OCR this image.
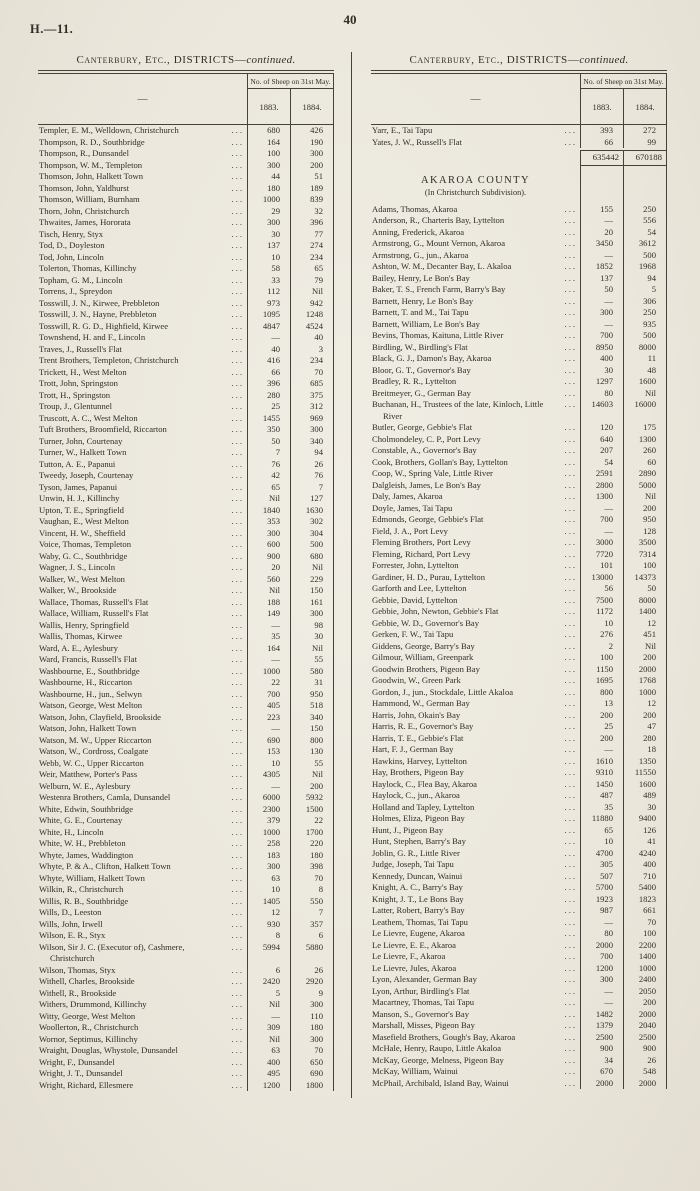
H.—11.
40
Canterbury, Etc., DISTRICTS—continued.
—
No. of Sheep on 31st May.
1883.	1884.
Templer, E. M., Welldown, Christchurch	...	680	426
Thompson, R. D., Southbridge	...	164	190
Thompson, R., Dunsandel	...	100	300
Thompson, W. M., Templeton	...	300	200
Thomson, John, Halkett Town	...	44	51
Thomson, John, Yaldhurst	...	180	189
Thomson, William, Burnham	...	1000	839
Thorn, John, Christchurch	...	29	32
Thwaites, James, Hororata	...	300	396
Tisch, Henry, Styx	...	30	77
Tod, D., Doyleston	...	137	274
Tod, John, Lincoln	...	10	234
Tolerton, Thomas, Killinchy	...	58	65
Topham, G. M., Lincoln	...	33	79
Torrens, J., Spreydon	...	112	Nil
Tosswill, J. N., Kirwee, Prebbleton	...	973	942
Tosswill, J. N., Hayne, Prebbleton	...	1095	1248
Tosswill, R. G. D., Highfield, Kirwee	...	4847	4524
Townshend, H. and F., Lincoln	...	—	40
Traves, J., Russell's Flat	...	40	3
Trent Brothers, Templeton, Christchurch	...	416	234
Trickett, H., West Melton	...	66	70
Trott, John, Springston	...	396	685
Trott, H., Springston	...	280	375
Troup, J., Glentunnel	...	25	312
Truscott, A. C., West Melton	...	1455	969
Tuft Brothers, Broomfield, Riccarton	...	350	300
Turner, John, Courtenay	...	50	340
Turner, W., Halkett Town	...	7	94
Tutton, A. E., Papanui	...	76	26
Tweedy, Joseph, Courtenay	...	42	76
Tyson, James, Papanui	...	65	7
Unwin, H. J., Killinchy	...	Nil	127
Upton, T. E., Springfield	...	1840	1630
Vaughan, E., West Melton	...	353	302
Vincent, H. W., Sheffield	...	300	304
Voice, Thomas, Templeton	...	600	500
Waby, G. C., Southbridge	...	900	680
Wagner, J. S., Lincoln	...	20	Nil
Walker, W., West Melton	...	560	229
Walker, W., Brookside	...	Nil	150
Wallace, Thomas, Russell's Flat	...	188	161
Wallace, William, Russell's Flat	...	149	300
Wallis, Henry, Springfield	...	—	98
Wallis, Thomas, Kirwee	...	35	30
Ward, A. E., Aylesbury	...	164	Nil
Ward, Francis, Russell's Flat	...	—	55
Washbourne, E., Southbridge	...	1000	580
Washbourne, H., Riccarton	...	22	31
Washbourne, H., jun., Selwyn	...	700	950
Watson, George, West Melton	...	405	518
Watson, John, Clayfield, Brookside	...	223	340
Watson, John, Halkett Town	...	—	150
Watson, M. W., Upper Riccarton	...	690	800
Watson, W., Cordross, Coalgate	...	153	130
Webb, W. C., Upper Riccarton	...	10	55
Weir, Matthew, Porter's Pass	...	4305	Nil
Welburn, W. E., Aylesbury	...	—	200
Westenra Brothers, Camla, Dunsandel	...	6000	5932
White, Edwin, Southbridge	...	2300	1500
White, G. E., Courtenay	...	379	22
White, H., Lincoln	...	1000	1700
White, W. H., Prebbleton	...	258	220
Whyte, James, Waddington	...	183	180
Whyte, P. & A., Clifton, Halkett Town	...	300	398
Whyte, William, Halkett Town	...	63	70
Wilkin, R., Christchurch	...	10	8
Willis, R. B., Southbridge	...	1405	550
Wills, D., Leeston	...	12	7
Wills, John, Irwell	...	930	357
Wilson, E. R., Styx	...	8	6
Wilson, Sir J. C. (Executor of), Cashmere, Christchurch
...	5994	5880
Wilson, Thomas, Styx	...	6	26
Withell, Charles, Brookside	...	2420	2920
Withell, R., Brookside	...	5	9
Withers, Drummond, Killinchy	...	Nil	300
Witty, George, West Melton	...	—	110
Woollerton, R., Christchurch	...	309	180
Wornor, Septimus, Killinchy	...	Nil	300
Wraight, Douglas, Whystole, Dunsandel	...	63	70
Wright, F., Dunsandel	...	400	650
Wright, J. T., Dunsandel	...	495	690
Wright, Richard, Ellesmere	...	1200	1800
Canterbury, Etc., DISTRICTS—continued.
—
No. of Sheep on 31st May.
1883.	1884.
Yarr, E., Tai Tapu	...	393	272
Yates, J. W., Russell's Flat	...	66	99
635442	670188
AKAROA COUNTY
(In Christchurch Subdivision).
Adams, Thomas, Akaroa	...	155	250
Anderson, R., Charteris Bay, Lyttelton	...	—	556
Anning, Frederick, Akaroa	...	20	54
Armstrong, G., Mount Vernon, Akaroa	...	3450	3612
Armstrong, G., jun., Akaroa	...	—	500
Ashton, W. M., Decanter Bay, L. Akaloa	...	1852	1968
Bailey, Henry, Le Bon's Bay	...	137	94
Baker, T. S., French Farm, Barry's Bay	...	50	5
Barnett, Henry, Le Bon's Bay	...	—	306
Barnett, T. and M., Tai Tapu	...	300	250
Barnett, William, Le Bon's Bay	...	—	935
Bevins, Thomas, Kaituna, Little River	...	700	500
Birdling, W., Birdling's Flat	...	8950	8000
Black, G. J., Damon's Bay, Akaroa	...	400	11
Bloor, G. T., Governor's Bay	...	30	48
Bradley, R. R., Lyttelton	...	1297	1600
Breitmeyer, G., German Bay	...	80	Nil
Buchanan, H., Trustees of the late, Kinloch, Little River
...	14603	16000
Butler, George, Gebbie's Flat	...	120	175
Cholmondeley, C. P., Port Levy	...	640	1300
Constable, A., Governor's Bay	...	207	260
Cook, Brothers, Gollan's Bay, Lyttelton	...	54	60
Coop, W., Spring Vale, Little River	...	2591	2890
Dalgleish, James, Le Bon's Bay	...	2800	5000
Daly, James, Akaroa	...	1300	Nil
Doyle, James, Tai Tapu	...	—	200
Edmonds, George, Gebbie's Flat	...	700	950
Field, J. A., Port Levy	...	—	128
Fleming Brothers, Port Levy	...	3000	3500
Fleming, Richard, Port Levy	...	7720	7314
Forrester, John, Lyttelton	...	101	100
Gardiner, H. D., Purau, Lyttelton	...	13000	14373
Garforth and Lee, Lyttelton	...	56	50
Gebbie, David, Lyttelton	...	7500	8000
Gebbie, John, Newton, Gebbie's Flat	...	1172	1400
Gebbie, W. D., Governor's Bay	...	10	12
Gerken, F. W., Tai Tapu	...	276	451
Giddens, George, Barry's Bay	...	2	Nil
Gilmour, William, Greenpark	...	100	200
Goodwin Brothers, Pigeon Bay	...	1150	2000
Goodwin, W., Green Park	...	1695	1768
Gordon, J., jun., Stockdale, Little Akaloa	...	800	1000
Hammond, W., German Bay	...	13	12
Harris, John, Okain's Bay	...	200	200
Harris, R. E., Governor's Bay	...	25	47
Harris, T. E., Gebbie's Flat	...	200	280
Hart, F. J., German Bay	...	—	18
Hawkins, Harvey, Lyttelton	...	1610	1350
Hay, Brothers, Pigeon Bay	...	9310	11550
Haylock, C., Flea Bay, Akaroa	...	1450	1600
Haylock, C., jun., Akaroa	...	487	489
Holland and Tapley, Lyttelton	...	35	30
Holmes, Eliza, Pigeon Bay	...	11880	9400
Hunt, J., Pigeon Bay	...	65	126
Hunt, Stephen, Barry's Bay	...	10	41
Joblin, G. R., Little River	...	4700	4240
Judge, Joseph, Tai Tapu	...	305	400
Kennedy, Duncan, Wainui	...	507	710
Knight, A. C., Barry's Bay	...	5700	5400
Knight, J. T., Le Bons Bay	...	1923	1823
Latter, Robert, Barry's Bay	...	987	661
Leathem, Thomas, Tai Tapu	...	—	70
Le Lievre, Eugene, Akaroa	...	80	100
Le Lievre, E. E., Akaroa	...	2000	2200
Le Lievre, F., Akaroa	...	700	1400
Le Lievre, Jules, Akaroa	...	1200	1000
Lyon, Alexander, German Bay	...	300	2400
Lyon, Arthur, Birdling's Flat	...	—	2050
Macartney, Thomas, Tai Tapu	...	—	200
Manson, S., Governor's Bay	...	1482	2000
Marshall, Misses, Pigeon Bay	...	1379	2040
Masefield Brothers, Gough's Bay, Akaroa	...	2500	2500
McHale, Henry, Raupo, Little Akaloa	...	900	900
McKay, George, Melness, Pigeon Bay	...	34	26
McKay, William, Wainui	...	670	548
McPhail, Archibald, Island Bay, Wainui	...	2000	2000
